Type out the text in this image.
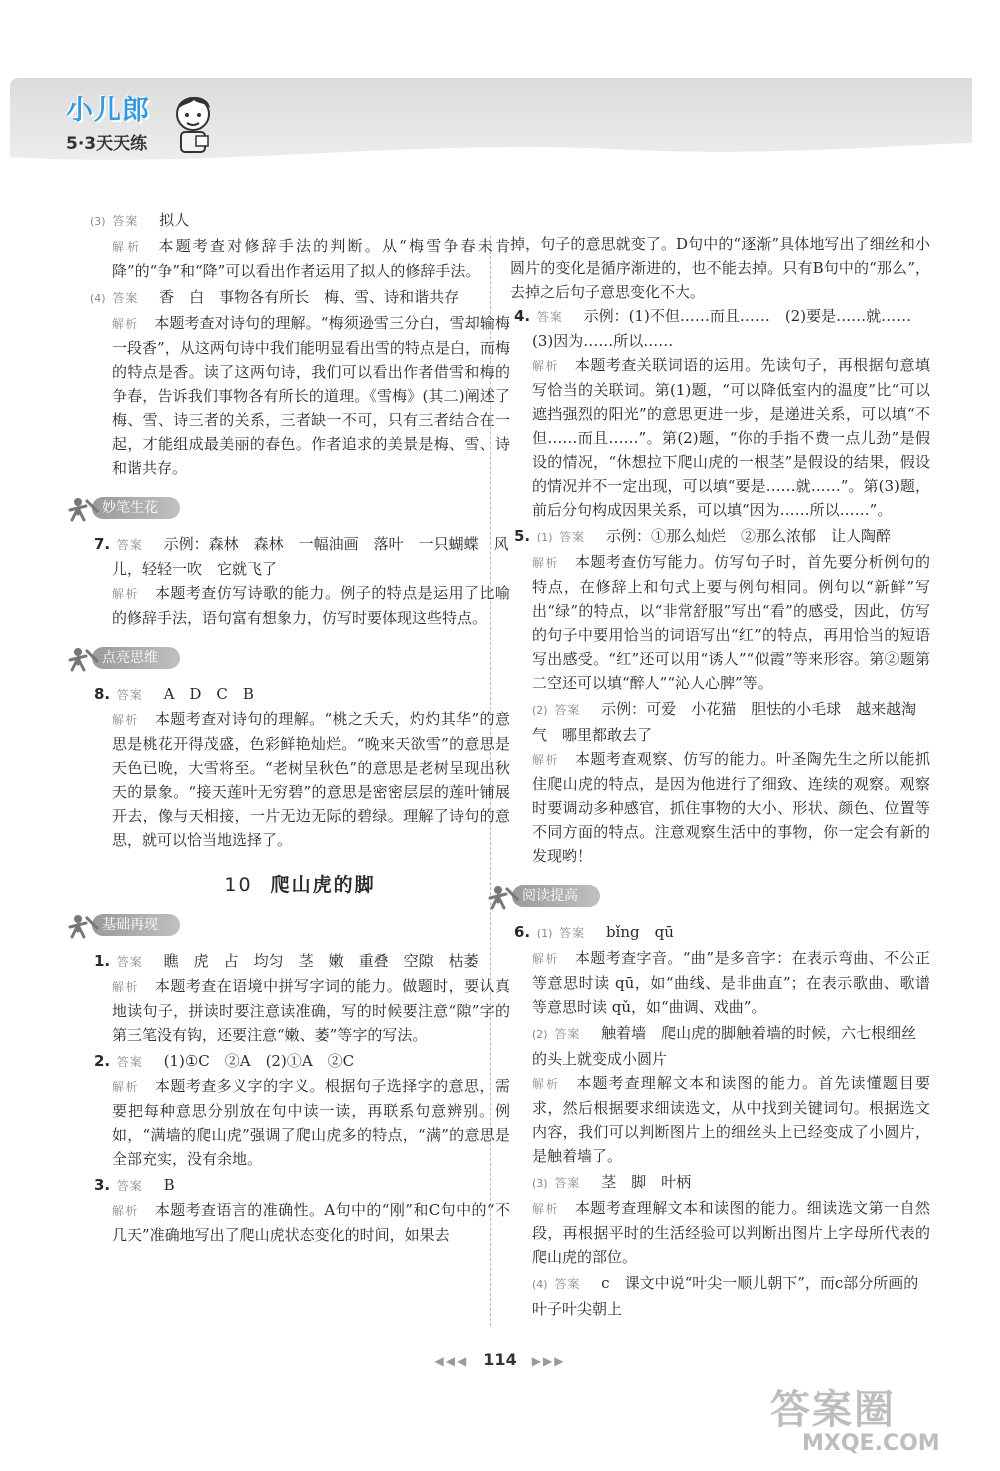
小儿郎
5·3天天练

(3) 答案 拟人

解析 本题考查对修辞手法的判断。从“梅雪争春未肯降”的“争”和“降”可以看出作者运用了拟人的修辞手法。

(4) 答案 香　白　事物各有所长　梅、雪、诗和谐共存

解析 本题考查对诗句的理解。“梅须逊雪三分白，雪却输梅一段香”，从这两句诗中我们能明显看出雪的特点是白，而梅的特点是香。读了这两句诗，我们可以看出作者借雪和梅的争春，告诉我们事物各有所长的道理。《雪梅》(其二)阐述了梅、雪、诗三者的关系，三者缺一不可，只有三者结合在一起，才能组成最美丽的春色。作者追求的美景是梅、雪、诗和谐共存。

妙笔生花

7. 答案 示例：森林　森林　一幅油画　落叶　一只蝴蝶　风儿，轻轻一吹　它就飞了

解析 本题考查仿写诗歌的能力。例子的特点是运用了比喻的修辞手法，语句富有想象力，仿写时要体现这些特点。

点亮思维

8. 答案 A　D　C　B

解析 本题考查对诗句的理解。“桃之夭夭，灼灼其华”的意思是桃花开得茂盛，色彩鲜艳灿烂。“晚来天欲雪”的意思是天色已晚，大雪将至。“老树呈秋色”的意思是老树呈现出秋天的景象。“接天莲叶无穷碧”的意思是密密层层的莲叶铺展开去，像与天相接，一片无边无际的碧绿。理解了诗句的意思，就可以恰当地选择了。

10 爬山虎的脚
基础再现

1. 答案 瞧　虎　占　均匀　茎　嫩　重叠　空隙　枯萎

解析 本题考查在语境中拼写字词的能力。做题时，要认真地读句子，拼读时要注意读准确，写的时候要注意“隙”字的第三笔没有钩，还要注意“嫩、萎”等字的写法。

2. 答案 (1)①C　②A　(2)①A　②C

解析 本题考查多义字的字义。根据句子选择字的意思，需要把每种意思分别放在句中读一读，再联系句意辨别。例如，“满墙的爬山虎”强调了爬山虎多的特点，“满”的意思是全部充实，没有余地。

3. 答案 B

解析 本题考查语言的准确性。A句中的“刚”和C句中的“不几天”准确地写出了爬山虎状态变化的时间，如果去

掉，句子的意思就变了。D句中的“逐渐”具体地写出了细丝和小圆片的变化是循序渐进的，也不能去掉。只有B句中的“那么”，去掉之后句子意思变化不大。

4. 答案 示例：(1)不但……而且……　(2)要是……就……　(3)因为……所以……

解析 本题考查关联词语的运用。先读句子，再根据句意填写恰当的关联词。第(1)题，“可以降低室内的温度”比“可以遮挡强烈的阳光”的意思更进一步，是递进关系，可以填“不但……而且……”。第(2)题，“你的手指不费一点儿劲”是假设的情况，“休想拉下爬山虎的一根茎”是假设的结果，假设的情况并不一定出现，可以填“要是……就……”。第(3)题，前后分句构成因果关系，可以填“因为……所以……”。

5. (1) 答案 示例：①那么灿烂　②那么浓郁　让人陶醉

解析 本题考查仿写能力。仿写句子时，首先要分析例句的特点，在修辞上和句式上要与例句相同。例句以“新鲜”写出“绿”的特点，以“非常舒服”写出“看”的感受，因此，仿写的句子中要用恰当的词语写出“红”的特点，再用恰当的短语写出感受。“红”还可以用“诱人”“似霞”等来形容。第②题第二空还可以填“醉人”“沁人心脾”等。

(2) 答案 示例：可爱　小花猫　胆怯的小毛球　越来越淘气　哪里都敢去了

解析 本题考查观察、仿写的能力。叶圣陶先生之所以能抓住爬山虎的特点，是因为他进行了细致、连续的观察。观察时要调动多种感官，抓住事物的大小、形状、颜色、位置等不同方面的特点。注意观察生活中的事物，你一定会有新的发现哟！

阅读提高

6. (1) 答案 bǐng　qū

解析 本题考查字音。“曲”是多音字：在表示弯曲、不公正等意思时读 qū，如“曲线、是非曲直”；在表示歌曲、歌谱等意思时读 qǔ，如“曲调、戏曲”。

(2) 答案 触着墙　爬山虎的脚触着墙的时候，六七根细丝的头上就变成小圆片

解析 本题考查理解文本和读图的能力。首先读懂题目要求，然后根据要求细读选文，从中找到关键词句。根据选文内容，我们可以判断图片上的细丝头上已经变成了小圆片，是触着墙了。

(3) 答案 茎　脚　叶柄

解析 本题考查理解文本和读图的能力。细读选文第一自然段，再根据平时的生活经验可以判断出图片上字母所代表的爬山虎的部位。

(4) 答案 c　课文中说“叶尖一顺儿朝下”，而c部分所画的叶子叶尖朝上

◀◀◀ 114 ▶▶▶
答案圈
MXQE.COM
